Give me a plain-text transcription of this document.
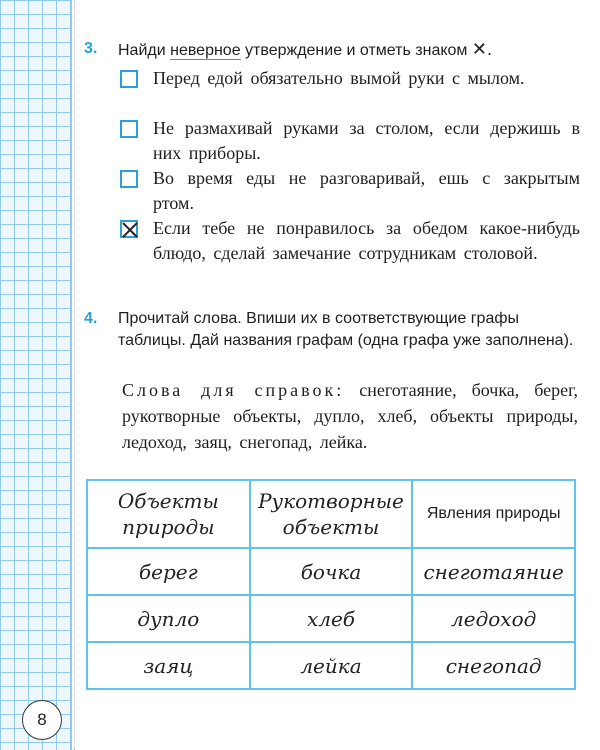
3. Найди неверное утверждение и отметь знаком ✕.
Перед едой обязательно вымой руки с мылом.
Не размахивай руками за столом, если держишь в них приборы.
Во время еды не разговаривай, ешь с закрытым ртом.
Если тебе не понравилось за обедом какое-нибудь блюдо, сделай замечание сотрудникам столовой.
4. Прочитай слова. Впиши их в соответствующие графы таблицы. Дай названия графам (одна графа уже заполнена).
Слова для справок: снеготаяние, бочка, берег, рукотворные объекты, дупло, хлеб, объекты природы, ледоход, заяц, снегопад, лейка.
Объекты природы	Рукотворные объекты	Явления природы
берег	бочка	снеготаяние
дупло	хлеб	ледоход
заяц	лейка	снегопад
8
